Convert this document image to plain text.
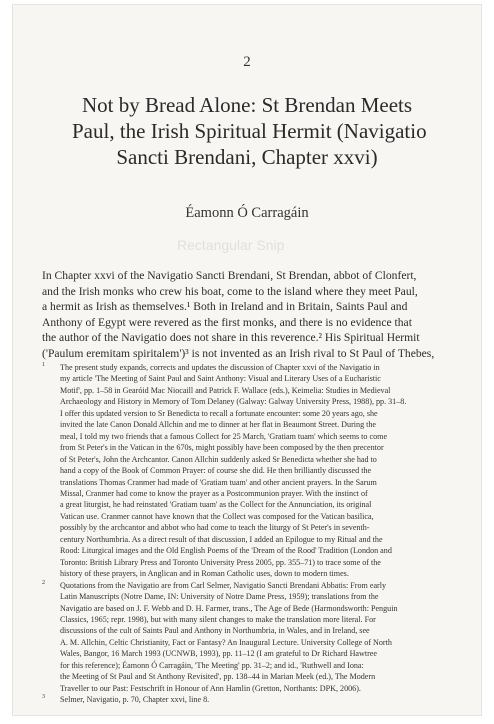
2
Not by Bread Alone: St Brendan Meets
Paul, the Irish Spiritual Hermit (Navigatio
Sancti Brendani, Chapter xxvi)
Éamonn Ó Carragáin
Rectangular Snip
In Chapter xxvi of the Navigatio Sancti Brendani, St Brendan, abbot of Clonfert,
and the Irish monks who crew his boat, come to the island where they meet Paul,
a hermit as Irish as themselves.¹ Both in Ireland and in Britain, Saints Paul and
Anthony of Egypt were revered as the first monks, and there is no evidence that
the author of the Navigatio does not share in this reverence.² His Spiritual Hermit
('Paulum eremitam spiritalem')³ is not invented as an Irish rival to St Paul of Thebes,
1 The present study expands, corrects and updates the discussion of Chapter xxvi of the Navigatio in
my article 'The Meeting of Saint Paul and Saint Anthony: Visual and Literary Uses of a Eucharistic
Motif', pp. 1–58 in Gearóid Mac Niocaill and Patrick F. Wallace (eds.), Keimelia: Studies in Medieval
Archaeology and History in Memory of Tom Delaney (Galway: Galway University Press, 1988), pp. 31–8.
I offer this updated version to Sr Benedicta to recall a fortunate encounter: some 20 years ago, she
invited the late Canon Donald Allchin and me to dinner at her flat in Beaumont Street. During the
meal, I told my two friends that a famous Collect for 25 March, 'Gratiam tuam' which seems to come
from St Peter's in the Vatican in the 670s, might possibly have been composed by the then precentor
of St Peter's, John the Archcantor. Canon Allchin suddenly asked Sr Benedicta whether she had to
hand a copy of the Book of Common Prayer: of course she did. He then brilliantly discussed the
translations Thomas Cranmer had made of 'Gratiam tuam' and other ancient prayers. In the Sarum
Missal, Cranmer had come to know the prayer as a Postcommunion prayer. With the instinct of
a great liturgist, he had reinstated 'Gratiam tuam' as the Collect for the Annunciation, its original
Vatican use. Cranmer cannot have known that the Collect was composed for the Vatican basilica,
possibly by the archcantor and abbot who had come to teach the liturgy of St Peter's in seventh-
century Northumbria. As a direct result of that discussion, I added an Epilogue to my Ritual and the
Rood: Liturgical images and the Old English Poems of the 'Dream of the Rood' Tradition (London and
Toronto: British Library Press and Toronto University Press 2005, pp. 355–71) to trace some of the
history of these prayers, in Anglican and in Roman Catholic uses, down to modern times.
2 Quotations from the Navigatio are from Carl Selmer, Navigatio Sancti Brendani Abbatis: From early
Latin Manuscripts (Notre Dame, IN: University of Notre Dame Press, 1959); translations from the
Navigatio are based on J. F. Webb and D. H. Farmer, trans., The Age of Bede (Harmondsworth: Penguin
Classics, 1965; repr. 1998), but with many silent changes to make the translation more literal. For
discussions of the cult of Saints Paul and Anthony in Northumbria, in Wales, and in Ireland, see
A. M. Allchin, Celtic Christianity, Fact or Fantasy? An Inaugural Lecture. University College of North
Wales, Bangor, 16 March 1993 (UCNWB, 1993), pp. 11–12 (I am grateful to Dr Richard Hawtree
for this reference); Éamonn Ó Carragáin, 'The Meeting' pp. 31–2; and id., 'Ruthwell and Iona:
the Meeting of St Paul and St Anthony Revisited', pp. 138–44 in Marian Meek (ed.), The Modern
Traveller to our Past: Festschrift in Honour of Ann Hamlin (Gretton, Northants: DPK, 2006).
3 Selmer, Navigatio, p. 70, Chapter xxvi, line 8.
